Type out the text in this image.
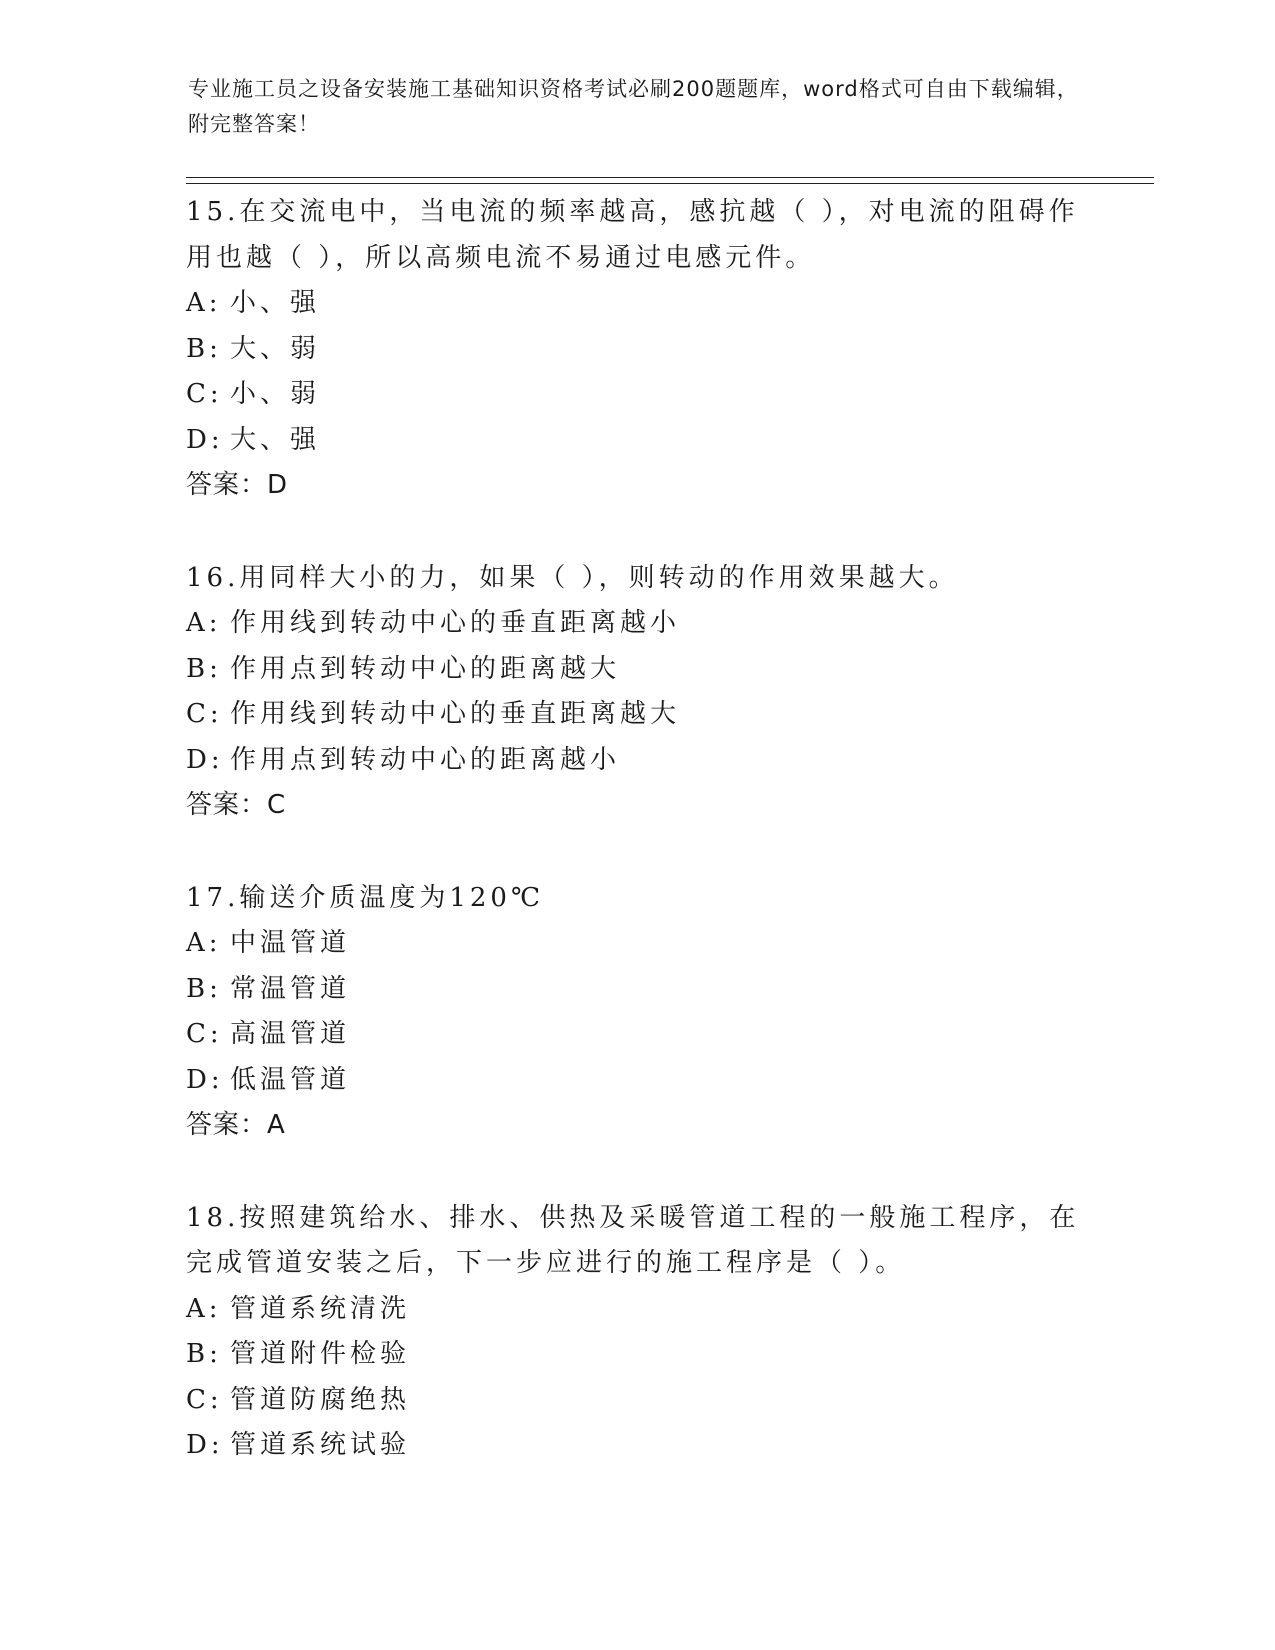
专业施工员之设备安装施工基础知识资格考试必刷200题题库，word格式可自由下载编辑，附完整答案！
15.在交流电中，当电流的频率越高，感抗越（ ），对电流的阻碍作用也越（ ），所以高频电流不易通过电感元件。
A: 小、强
B: 大、弱
C: 小、弱
D: 大、强
答案：D
16.用同样大小的力，如果（ ），则转动的作用效果越大。
A: 作用线到转动中心的垂直距离越小
B: 作用点到转动中心的距离越大
C: 作用线到转动中心的垂直距离越大
D: 作用点到转动中心的距离越小
答案：C
17.输送介质温度为120℃
A: 中温管道
B: 常温管道
C: 高温管道
D: 低温管道
答案：A
18.按照建筑给水、排水、供热及采暖管道工程的一般施工程序，在完成管道安装之后，下一步应进行的施工程序是（ ）。
A: 管道系统清洗
B: 管道附件检验
C: 管道防腐绝热
D: 管道系统试验
